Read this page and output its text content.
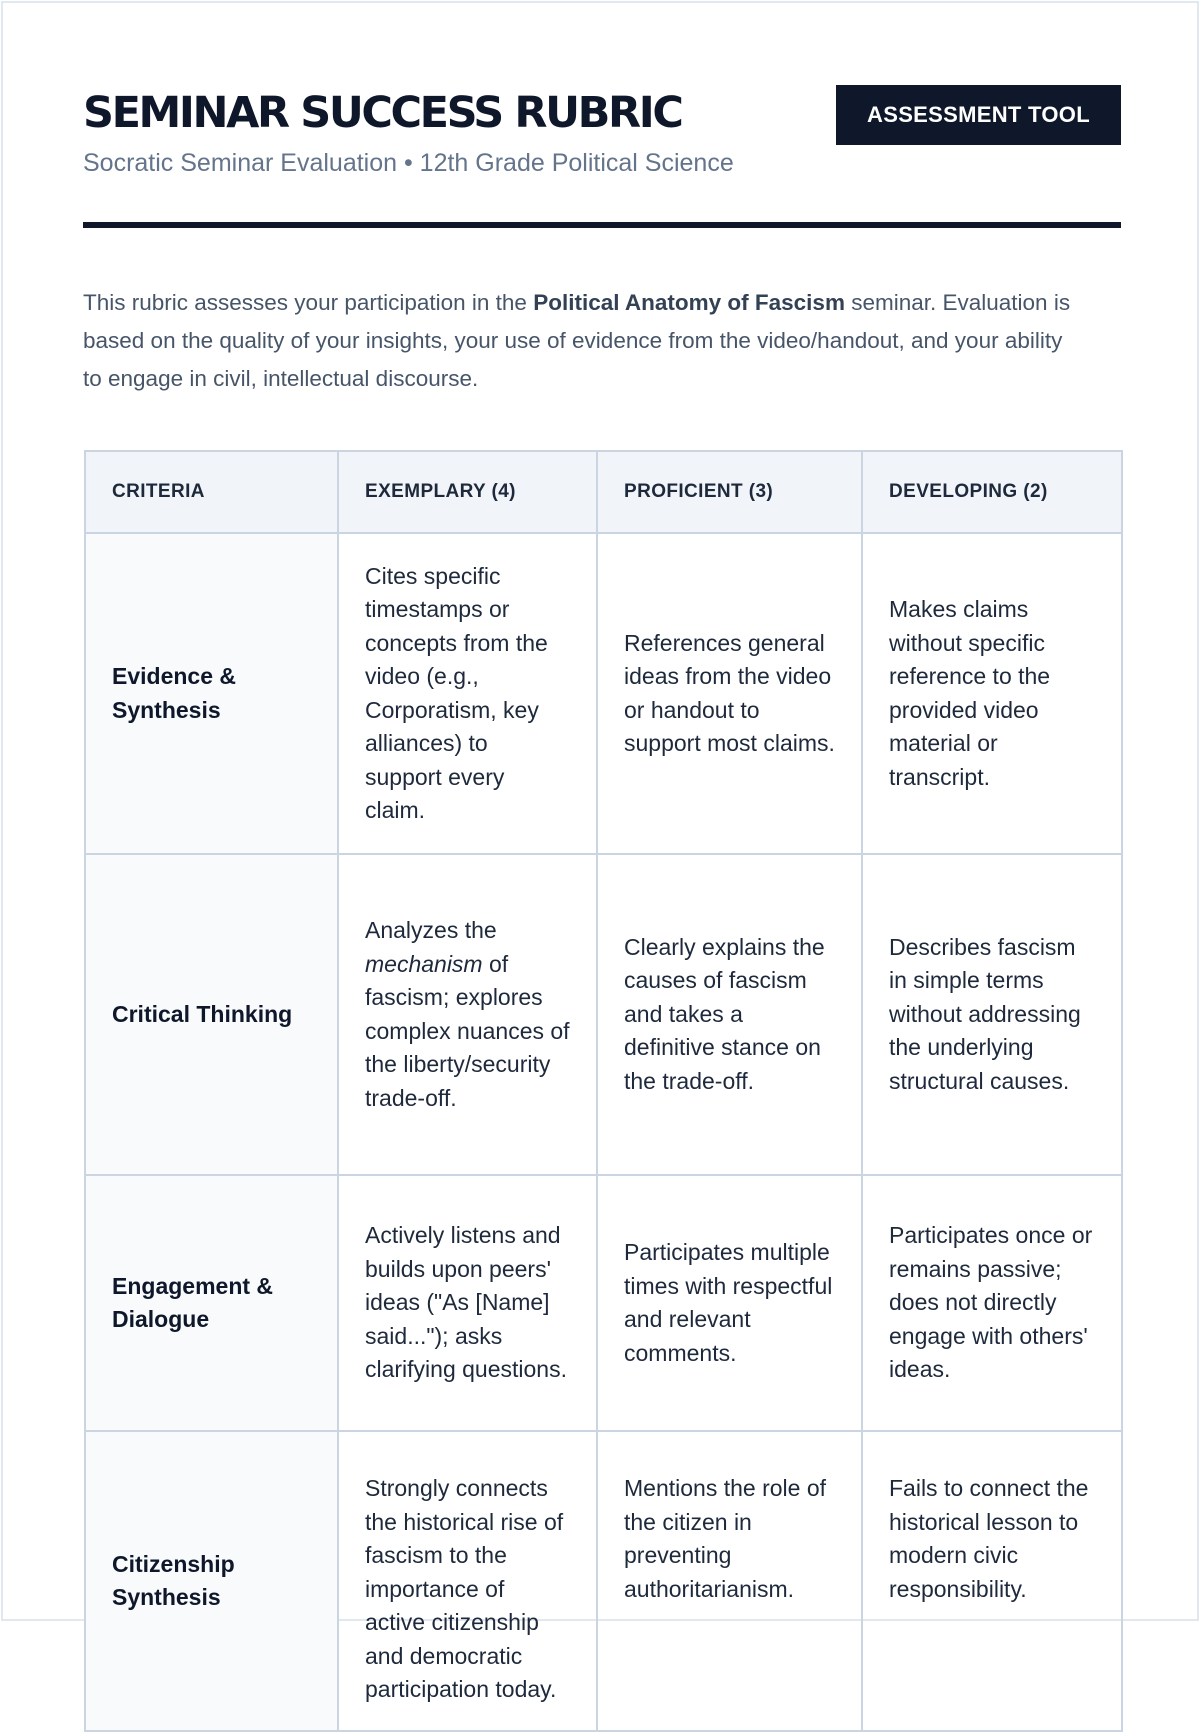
SEMINAR SUCCESS RUBRIC
Socratic Seminar Evaluation • 12th Grade Political Science
ASSESSMENT TOOL

This rubric assesses your participation in the Political Anatomy of Fascism seminar. Evaluation is based on the quality of your insights, your use of evidence from the video/handout, and your ability to engage in civil, intellectual discourse.

CRITERIA	EXEMPLARY (4)	PROFICIENT (3)	DEVELOPING (2)
Evidence & Synthesis	Cites specific timestamps or concepts from the video (e.g., Corporatism, key alliances) to support every claim.	References general ideas from the video or handout to support most claims.	Makes claims without specific reference to the provided video material or transcript.
Critical Thinking	Analyzes the mechanism of fascism; explores complex nuances of the liberty/security trade-off.	Clearly explains the causes of fascism and takes a definitive stance on the trade-off.	Describes fascism in simple terms without addressing the underlying structural causes.
Engagement & Dialogue	Actively listens and builds upon peers' ideas ("As [Name] said..."); asks clarifying questions.	Participates multiple times with respectful and relevant comments.	Participates once or remains passive; does not directly engage with others' ideas.
Citizenship Synthesis	Strongly connects the historical rise of fascism to the importance of active citizenship and democratic participation today.	Mentions the role of the citizen in preventing authoritarianism.	Fails to connect the historical lesson to modern civic responsibility.
